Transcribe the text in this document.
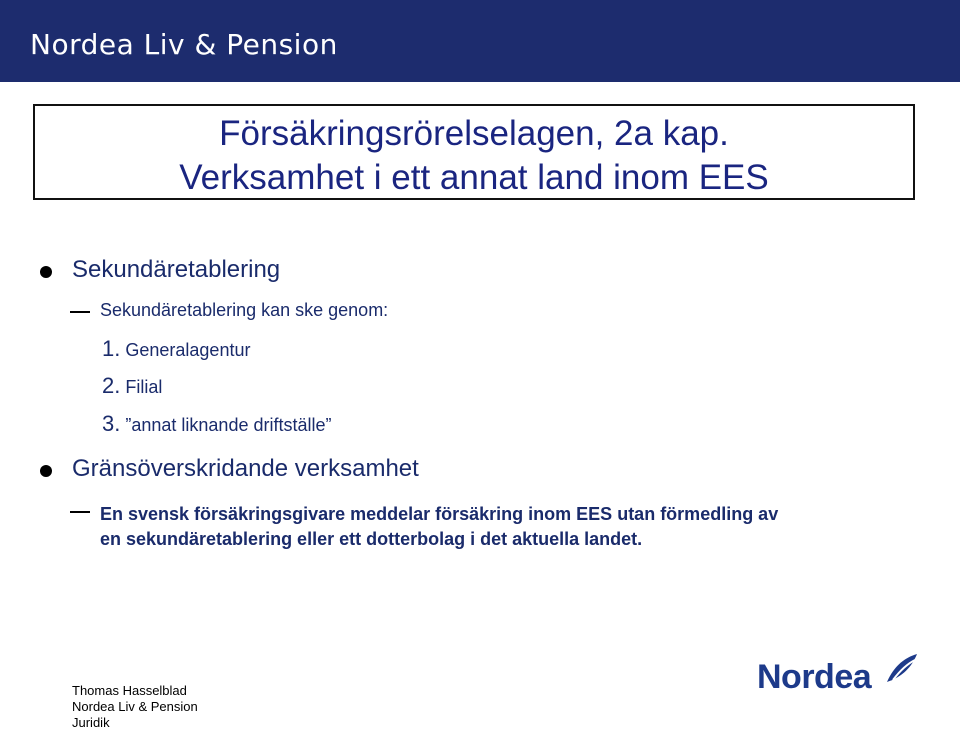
Nordea Liv & Pension
Försäkringsrörelselagen, 2a kap.
Verksamhet i ett annat land inom EES
Sekundäretablering
Sekundäretablering kan ske genom:
1. Generalagentur
2. Filial
3. ”annat liknande driftställe”
Gränsöverskridande verksamhet
En svensk försäkringsgivare meddelar försäkring inom EES utan förmedling av
en sekundäretablering eller ett dotterbolag i det aktuella landet.
Thomas Hasselblad
Nordea Liv & Pension
Juridik
Nordea
